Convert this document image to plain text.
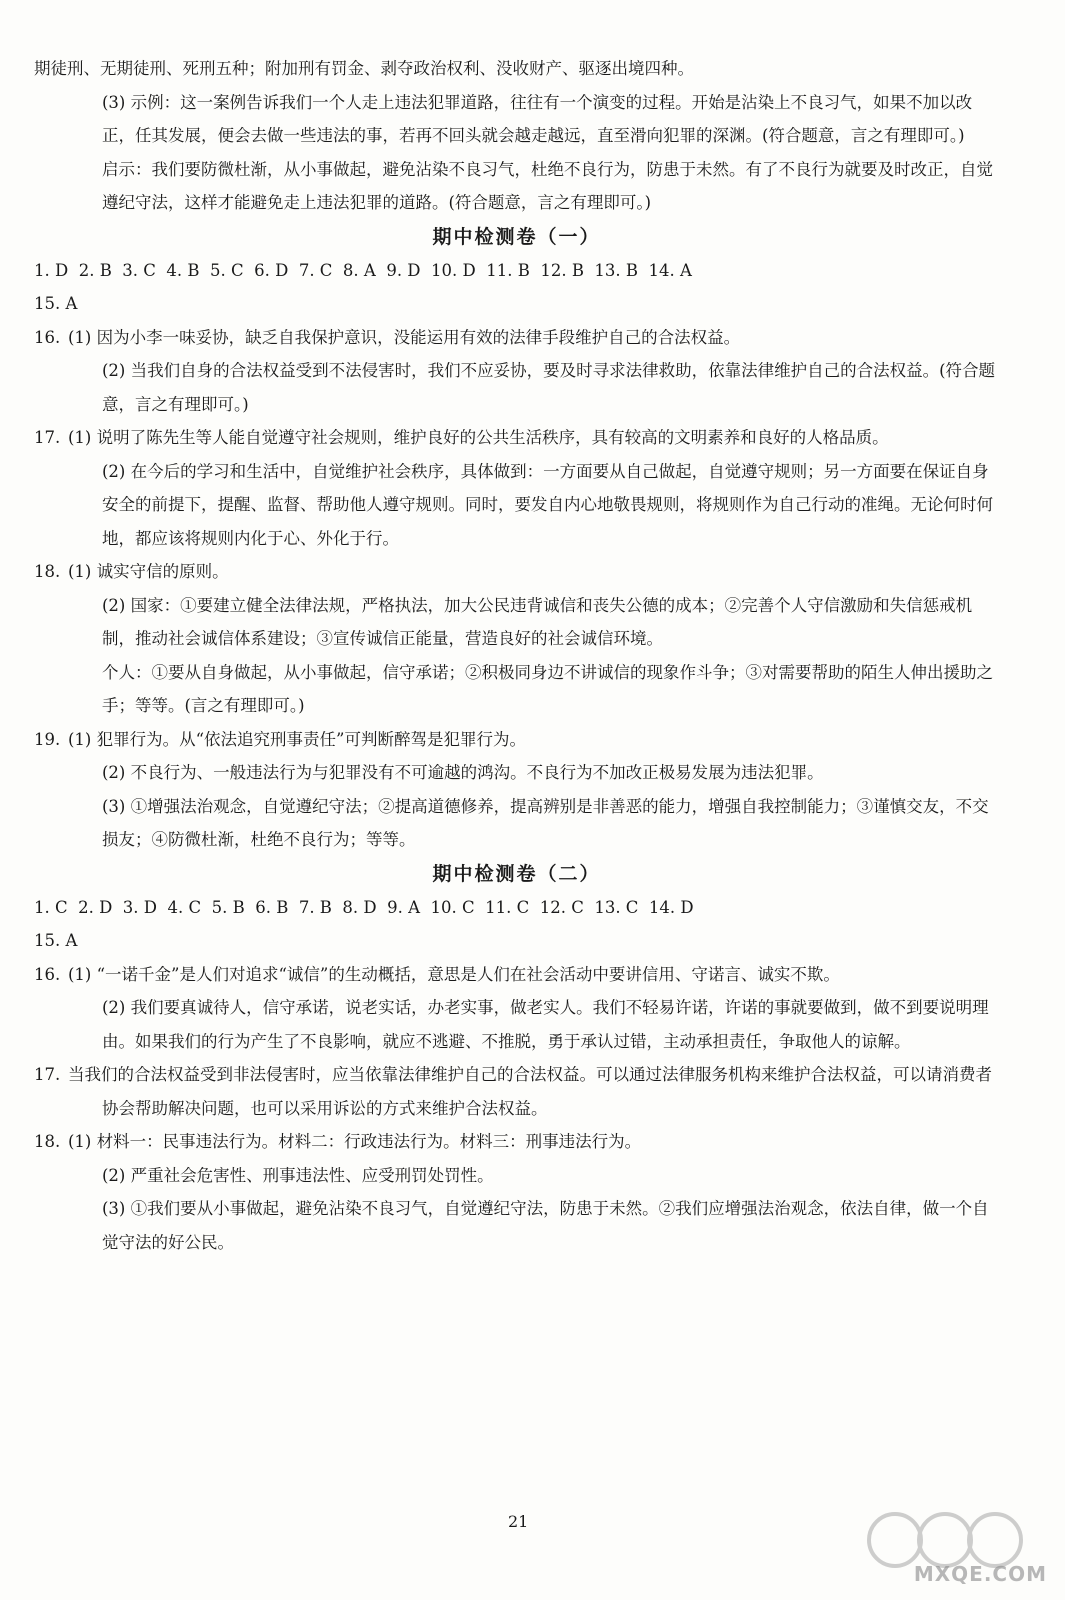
期徒刑、无期徒刑、死刑五种；附加刑有罚金、剥夺政治权利、没收财产、驱逐出境四种。

(3) 示例：这一案例告诉我们一个人走上违法犯罪道路，往往有一个演变的过程。开始是沾染上不良习气，如果不加以改正，任其发展，便会去做一些违法的事，若再不回头就会越走越远，直至滑向犯罪的深渊。(符合题意，言之有理即可。)

启示：我们要防微杜渐，从小事做起，避免沾染不良习气，杜绝不良行为，防患于未然。有了不良行为就要及时改正，自觉遵纪守法，这样才能避免走上违法犯罪的道路。(符合题意，言之有理即可。)

期中检测卷（一）

1. D  2. B  3. C  4. B  5. C  6. D  7. C  8. A  9. D  10. D  11. B  12. B  13. B  14. A

15. A

16. (1) 因为小李一味妥协，缺乏自我保护意识，没能运用有效的法律手段维护自己的合法权益。

(2) 当我们自身的合法权益受到不法侵害时，我们不应妥协，要及时寻求法律救助，依靠法律维护自己的合法权益。(符合题意，言之有理即可。)

17. (1) 说明了陈先生等人能自觉遵守社会规则，维护良好的公共生活秩序，具有较高的文明素养和良好的人格品质。

(2) 在今后的学习和生活中，自觉维护社会秩序，具体做到：一方面要从自己做起，自觉遵守规则；另一方面要在保证自身安全的前提下，提醒、监督、帮助他人遵守规则。同时，要发自内心地敬畏规则，将规则作为自己行动的准绳。无论何时何地，都应该将规则内化于心、外化于行。

18. (1) 诚实守信的原则。

(2) 国家：①要建立健全法律法规，严格执法，加大公民违背诚信和丧失公德的成本；②完善个人守信激励和失信惩戒机制，推动社会诚信体系建设；③宣传诚信正能量，营造良好的社会诚信环境。

个人：①要从自身做起，从小事做起，信守承诺；②积极同身边不讲诚信的现象作斗争；③对需要帮助的陌生人伸出援助之手；等等。(言之有理即可。)

19. (1) 犯罪行为。从“依法追究刑事责任”可判断醉驾是犯罪行为。

(2) 不良行为、一般违法行为与犯罪没有不可逾越的鸿沟。不良行为不加改正极易发展为违法犯罪。

(3) ①增强法治观念，自觉遵纪守法；②提高道德修养，提高辨别是非善恶的能力，增强自我控制能力；③谨慎交友，不交损友；④防微杜渐，杜绝不良行为；等等。

期中检测卷（二）

1. C  2. D  3. D  4. C  5. B  6. B  7. B  8. D  9. A  10. C  11. C  12. C  13. C  14. D

15. A

16. (1) “一诺千金”是人们对追求“诚信”的生动概括，意思是人们在社会活动中要讲信用、守诺言、诚实不欺。

(2) 我们要真诚待人，信守承诺，说老实话，办老实事，做老实人。我们不轻易许诺，许诺的事就要做到，做不到要说明理由。如果我们的行为产生了不良影响，就应不逃避、不推脱，勇于承认过错，主动承担责任，争取他人的谅解。

17. 当我们的合法权益受到非法侵害时，应当依靠法律维护自己的合法权益。可以通过法律服务机构来维护合法权益，可以请消费者协会帮助解决问题，也可以采用诉讼的方式来维护合法权益。
18. (1) 材料一：民事违法行为。材料二：行政违法行为。材料三：刑事违法行为。

(2) 严重社会危害性、刑事违法性、应受刑罚处罚性。

(3) ①我们要从小事做起，避免沾染不良习气，自觉遵纪守法，防患于未然。②我们应增强法治观念，依法自律，做一个自觉守法的好公民。

21
MXQE.COM
